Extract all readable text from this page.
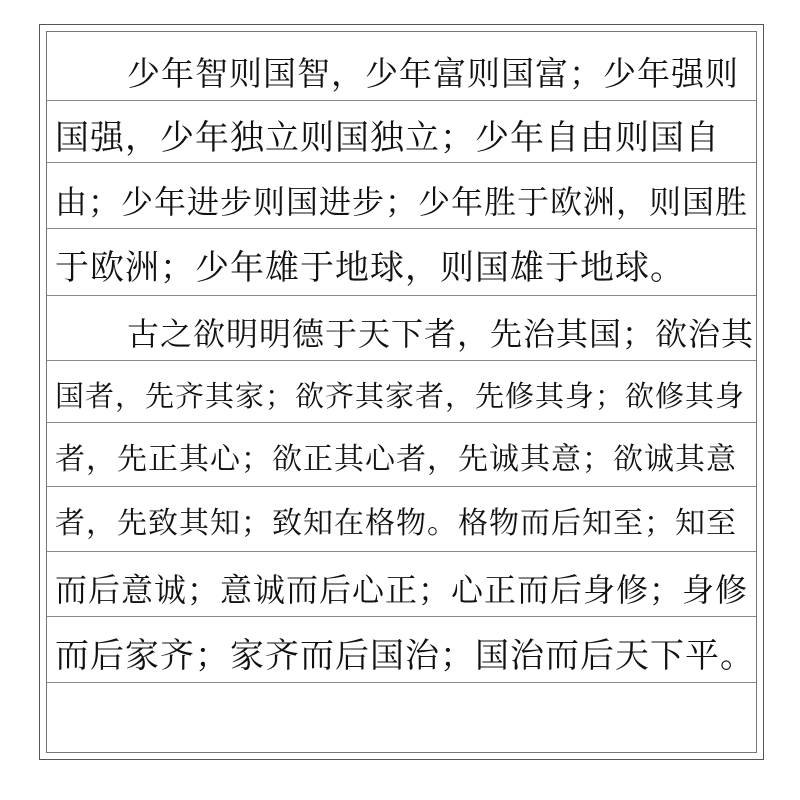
少年智则国智，少年富则国富；少年强则
国强，少年独立则国独立；少年自由则国自
由；少年进步则国进步；少年胜于欧洲，则国胜
于欧洲；少年雄于地球，则国雄于地球。
古之欲明明德于天下者，先治其国；欲治其
国者，先齐其家；欲齐其家者，先修其身；欲修其身
者，先正其心；欲正其心者，先诚其意；欲诚其意
者，先致其知；致知在格物。格物而后知至；知至
而后意诚；意诚而后心正；心正而后身修；身修
而后家齐；家齐而后国治；国治而后天下平。
